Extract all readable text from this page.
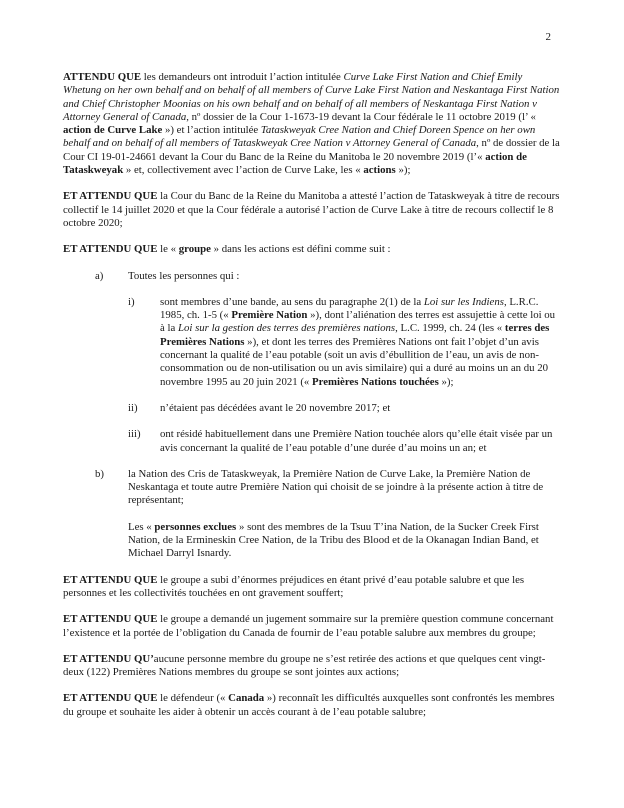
2
ATTENDU QUE les demandeurs ont introduit l’action intitulée Curve Lake First Nation and Chief Emily Whetung on her own behalf and on behalf of all members of Curve Lake First Nation and Neskantaga First Nation and Chief Christopher Moonias on his own behalf and on behalf of all members of Neskantaga First Nation v Attorney General of Canada, nº dossier de la Cour 1-1673-19 devant la Cour fédérale le 11 octobre 2019 (l’ « action de Curve Lake ») et l’action intitulée Tataskweyak Cree Nation and Chief Doreen Spence on her own behalf and on behalf of all members of Tataskweyak Cree Nation v Attorney General of Canada, nº de dossier de la Cour CI 19-01-24661 devant la Cour du Banc de la Reine du Manitoba le 20 novembre 2019 (l’« action de Tataskweyak » et, collectivement avec l’action de Curve Lake, les « actions »);
ET ATTENDU QUE la Cour du Banc de la Reine du Manitoba a attesté l’action de Tataskweyak à titre de recours collectif le 14 juillet 2020 et que la Cour fédérale a autorisé l’action de Curve Lake à titre de recours collectif le 8 octobre 2020;
ET ATTENDU QUE le « groupe » dans les actions est défini comme suit :
a) Toutes les personnes qui :
i) sont membres d’une bande, au sens du paragraphe 2(1) de la Loi sur les Indiens, L.R.C. 1985, ch. 1-5 (« Première Nation »), dont l’aliénation des terres est assujettie à cette loi ou à la Loi sur la gestion des terres des premières nations, L.C. 1999, ch. 24 (les « terres des Premières Nations »), et dont les terres des Premières Nations ont fait l’objet d’un avis concernant la qualité de l’eau potable (soit un avis d’ébullition de l’eau, un avis de non-consommation ou de non-utilisation ou un avis similaire) qui a duré au moins un an du 20 novembre 1995 au 20 juin 2021 (« Premières Nations touchées »);
ii) n’étaient pas décédées avant le 20 novembre 2017; et
iii) ont résidé habituellement dans une Première Nation touchée alors qu’elle était visée par un avis concernant la qualité de l’eau potable d’une durée d’au moins un an; et
b) la Nation des Cris de Tataskweyak, la Première Nation de Curve Lake, la Première Nation de Neskantaga et toute autre Première Nation qui choisit de se joindre à la présente action à titre de représentant;
Les « personnes exclues » sont des membres de la Tsuu T’ina Nation, de la Sucker Creek First Nation, de la Ermineskin Cree Nation, de la Tribu des Blood et de la Okanagan Indian Band, et Michael Darryl Isnardy.
ET ATTENDU QUE le groupe a subi d’énormes préjudices en étant privé d’eau potable salubre et que les personnes et les collectivités touchées en ont gravement souffert;
ET ATTENDU QUE le groupe a demandé un jugement sommaire sur la première question commune concernant l’existence et la portée de l’obligation du Canada de fournir de l’eau potable salubre aux membres du groupe;
ET ATTENDU QU’aucune personne membre du groupe ne s’est retirée des actions et que quelques cent vingt-deux (122) Premières Nations membres du groupe se sont jointes aux actions;
ET ATTENDU QUE le défendeur (« Canada ») reconnaît les difficultés auxquelles sont confrontés les membres du groupe et souhaite les aider à obtenir un accès courant à de l’eau potable salubre;
